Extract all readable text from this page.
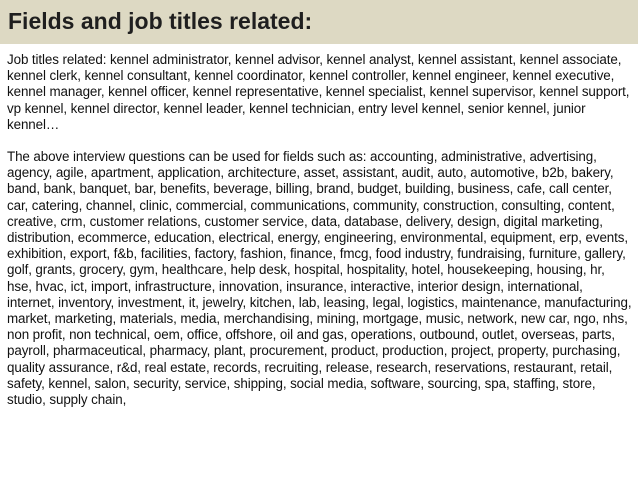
Fields and job titles related:

Job titles related: kennel administrator, kennel advisor, kennel analyst, kennel assistant, kennel associate, kennel clerk, kennel consultant, kennel coordinator, kennel controller, kennel engineer, kennel executive, kennel manager, kennel officer, kennel representative, kennel specialist, kennel supervisor, kennel support, vp kennel, kennel director, kennel leader, kennel technician, entry level kennel, senior kennel, junior kennel…

The above interview questions can be used for fields such as: accounting, administrative, advertising, agency, agile, apartment, application, architecture, asset, assistant, audit, auto, automotive, b2b, bakery, band, bank, banquet, bar, benefits, beverage, billing, brand, budget, building, business, cafe, call center, car, catering, channel, clinic, commercial, communications, community, construction, consulting, content, creative, crm, customer relations, customer service, data, database, delivery, design, digital marketing, distribution, ecommerce, education, electrical, energy, engineering, environmental, equipment, erp, events, exhibition, export, f&b, facilities, factory, fashion, finance, fmcg, food industry, fundraising, furniture, gallery, golf, grants, grocery, gym, healthcare, help desk, hospital, hospitality, hotel, housekeeping, housing, hr, hse, hvac, ict, import, infrastructure, innovation, insurance, interactive, interior design, international, internet, inventory, investment, it, jewelry, kitchen, lab, leasing, legal, logistics, maintenance, manufacturing, market, marketing, materials, media, merchandising, mining, mortgage, music, network, new car, ngo, nhs, non profit, non technical, oem, office, offshore, oil and gas, operations, outbound, outlet, overseas, parts, payroll, pharmaceutical, pharmacy, plant, procurement, product, production, project, property, purchasing, quality assurance, r&d, real estate, records, recruiting, release, research, reservations, restaurant, retail, safety, kennel, salon, security, service, shipping, social media, software, sourcing, spa, staffing, store, studio, supply chain,
